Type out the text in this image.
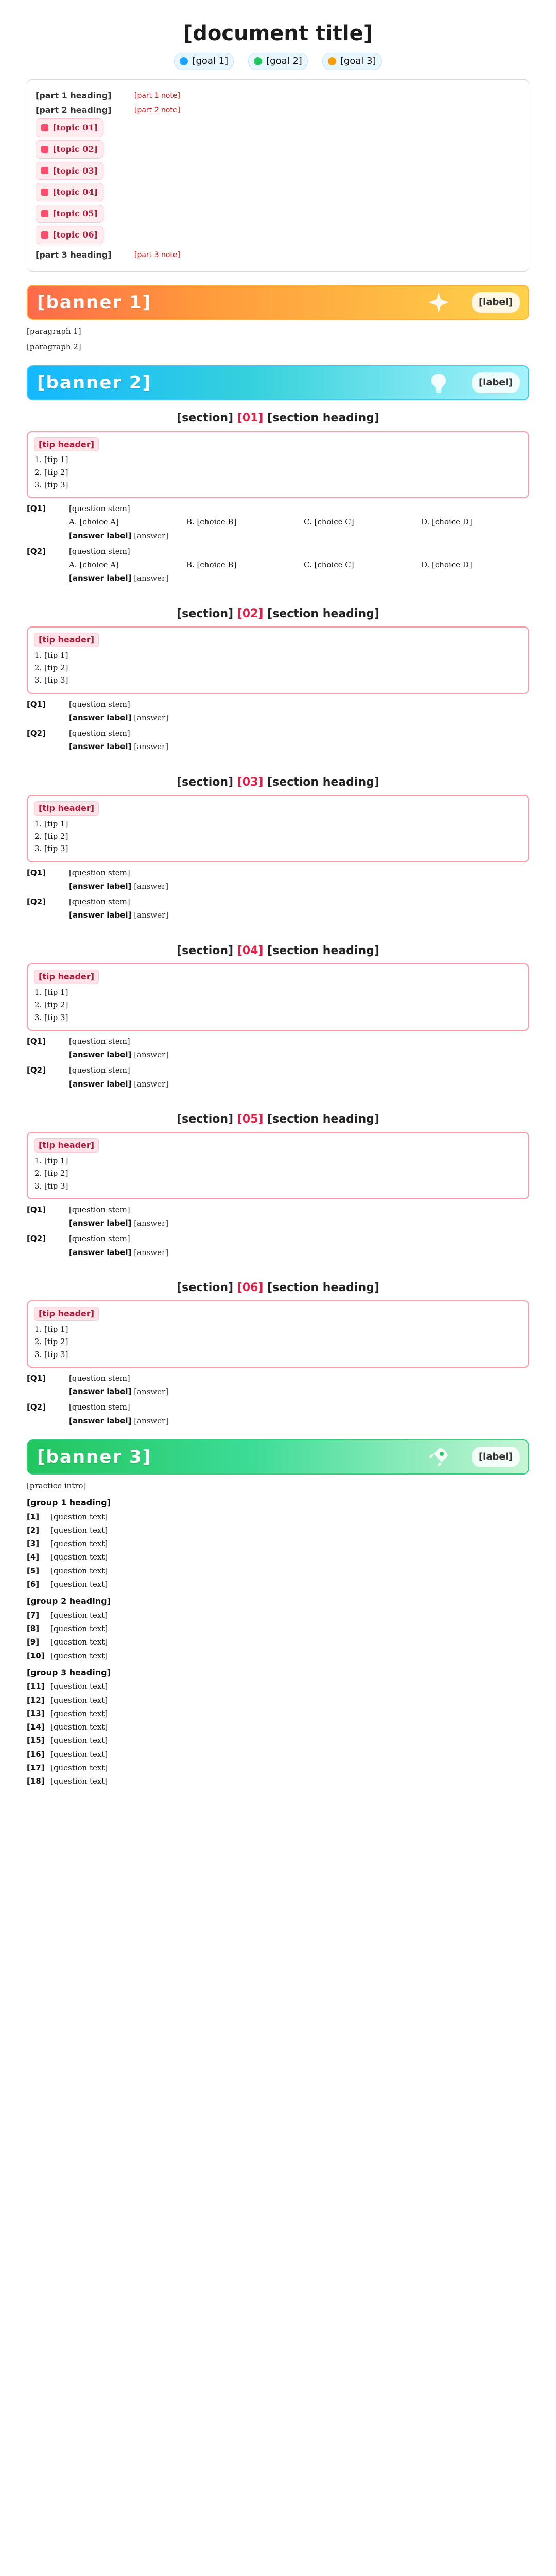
[document title]
[goal 1]	[goal 2]	[goal 3]
[part 1 heading]	[part 1 note]
[part 2 heading]	[part 2 note]
[topic 01]
[topic 02]
[topic 03]
[topic 04]
[topic 05]
[topic 06]
[part 3 heading]	[part 3 note]
[banner 1]	[label]
[paragraph 1]
[paragraph 2]
[banner 2]	[label]
[section] [01] [section heading]
[tip header]
1. [tip 1]
2. [tip 2]
3. [tip 3]
[Q1]	[question stem]
A. [choice A]	B. [choice B]	C. [choice C]	D. [choice D]
[answer label] [answer]
[Q2]	[question stem]
A. [choice A]	B. [choice B]	C. [choice C]	D. [choice D]
[answer label] [answer]
[section] [02] [section heading]
[tip header]
1. [tip 1]
2. [tip 2]
3. [tip 3]
[Q1]	[question stem]
[answer label] [answer]
[Q2]	[question stem]
[answer label] [answer]
[section] [03] [section heading]
[tip header]
1. [tip 1]
2. [tip 2]
3. [tip 3]
[Q1]	[question stem]
[answer label] [answer]
[Q2]	[question stem]
[answer label] [answer]
[section] [04] [section heading]
[tip header]
1. [tip 1]
2. [tip 2]
3. [tip 3]
[Q1]	[question stem]
[answer label] [answer]
[Q2]	[question stem]
[answer label] [answer]
[section] [05] [section heading]
[tip header]
1. [tip 1]
2. [tip 2]
3. [tip 3]
[Q1]	[question stem]
[answer label] [answer]
[Q2]	[question stem]
[answer label] [answer]
[section] [06] [section heading]
[tip header]
1. [tip 1]
2. [tip 2]
3. [tip 3]
[Q1]	[question stem]
[answer label] [answer]
[Q2]	[question stem]
[answer label] [answer]
[banner 3]	[label]
[practice intro]
[group 1 heading]
[1]	[question text]
[2]	[question text]
[3]	[question text]
[4]	[question text]
[5]	[question text]
[6]	[question text]
[group 2 heading]
[7]	[question text]
[8]	[question text]
[9]	[question text]
[10] [question text]
[group 3 heading]
[11] [question text]
[12] [question text]
[13] [question text]
[14] [question text]
[15] [question text]
[16] [question text]
[17] [question text]
[18] [question text]
